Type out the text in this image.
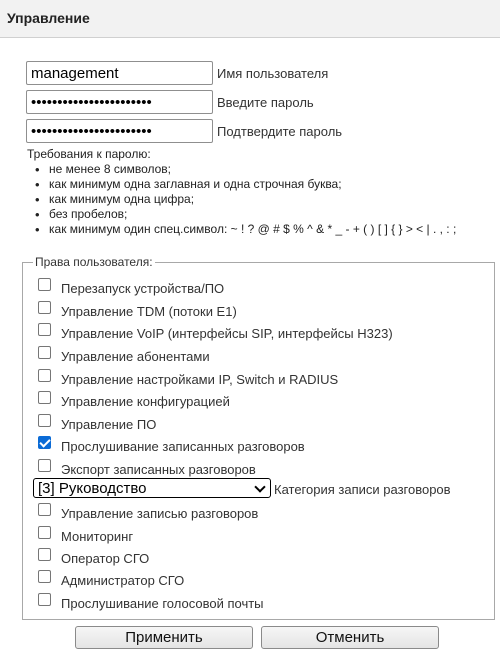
Управление
management
Имя пользователя
•••••••••••••••••••••••
Введите пароль
•••••••••••••••••••••••
Подтвердите пароль
Требования к паролю:
• не менее 8 символов;
• как минимум одна заглавная и одна строчная буква;
• как минимум одна цифра;
• без пробелов;
• как минимум один спец.символ: ~ ! ? @ # $ % ^ & * _ - + ( ) [ ] { } > < | . , : ;
Права пользователя:
Перезапуск устройства/ПО
Управление TDM (потоки E1)
Управление VoIP (интерфейсы SIP, интерфейсы H323)
Управление абонентами
Управление настройками IP, Switch и RADIUS
Управление конфигурацией
Управление ПО
Прослушивание записанных разговоров
Экспорт записанных разговоров
[3] Руководство	Категория записи разговоров
Управление записью разговоров
Мониторинг
Оператор СГО
Администратор СГО
Прослушивание голосовой почты
Применить	Отменить
